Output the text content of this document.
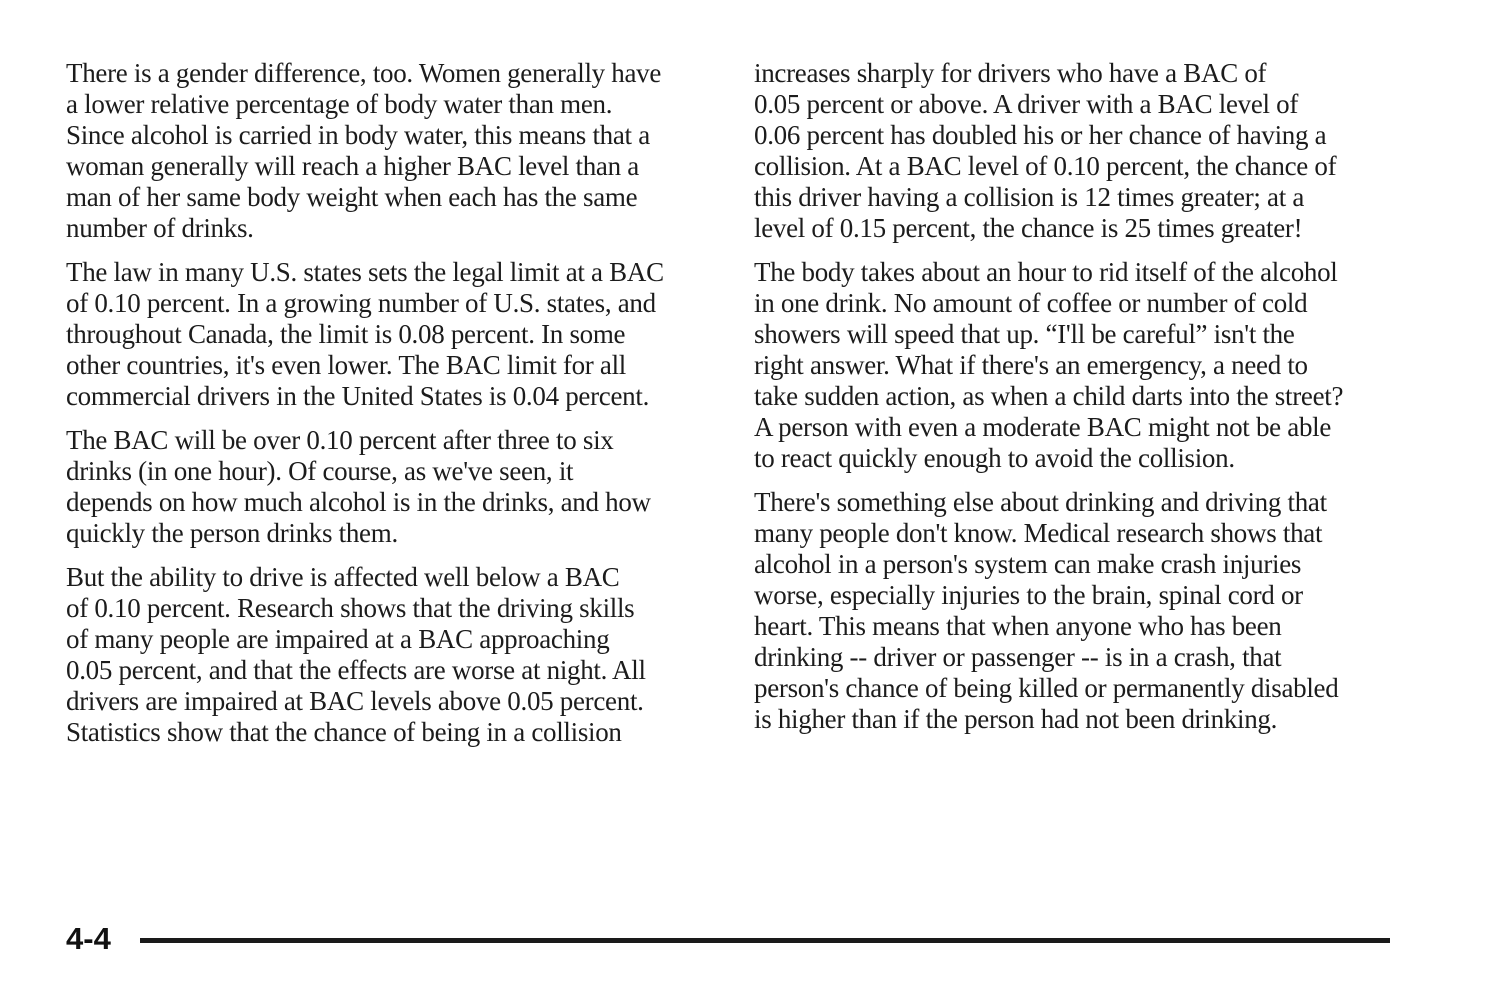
There is a gender difference, too. Women generally have
a lower relative percentage of body water than men.
Since alcohol is carried in body water, this means that a
woman generally will reach a higher BAC level than a
man of her same body weight when each has the same
number of drinks.

The law in many U.S. states sets the legal limit at a BAC
of 0.10 percent. In a growing number of U.S. states, and
throughout Canada, the limit is 0.08 percent. In some
other countries, it's even lower. The BAC limit for all
commercial drivers in the United States is 0.04 percent.

The BAC will be over 0.10 percent after three to six
drinks (in one hour). Of course, as we've seen, it
depends on how much alcohol is in the drinks, and how
quickly the person drinks them.

But the ability to drive is affected well below a BAC
of 0.10 percent. Research shows that the driving skills
of many people are impaired at a BAC approaching
0.05 percent, and that the effects are worse at night. All
drivers are impaired at BAC levels above 0.05 percent.
Statistics show that the chance of being in a collision

increases sharply for drivers who have a BAC of
0.05 percent or above. A driver with a BAC level of
0.06 percent has doubled his or her chance of having a
collision. At a BAC level of 0.10 percent, the chance of
this driver having a collision is 12 times greater; at a
level of 0.15 percent, the chance is 25 times greater!

The body takes about an hour to rid itself of the alcohol
in one drink. No amount of coffee or number of cold
showers will speed that up. “I'll be careful” isn't the
right answer. What if there's an emergency, a need to
take sudden action, as when a child darts into the street?
A person with even a moderate BAC might not be able
to react quickly enough to avoid the collision.

There's something else about drinking and driving that
many people don't know. Medical research shows that
alcohol in a person's system can make crash injuries
worse, especially injuries to the brain, spinal cord or
heart. This means that when anyone who has been
drinking -- driver or passenger -- is in a crash, that
person's chance of being killed or permanently disabled
is higher than if the person had not been drinking.

4-4
